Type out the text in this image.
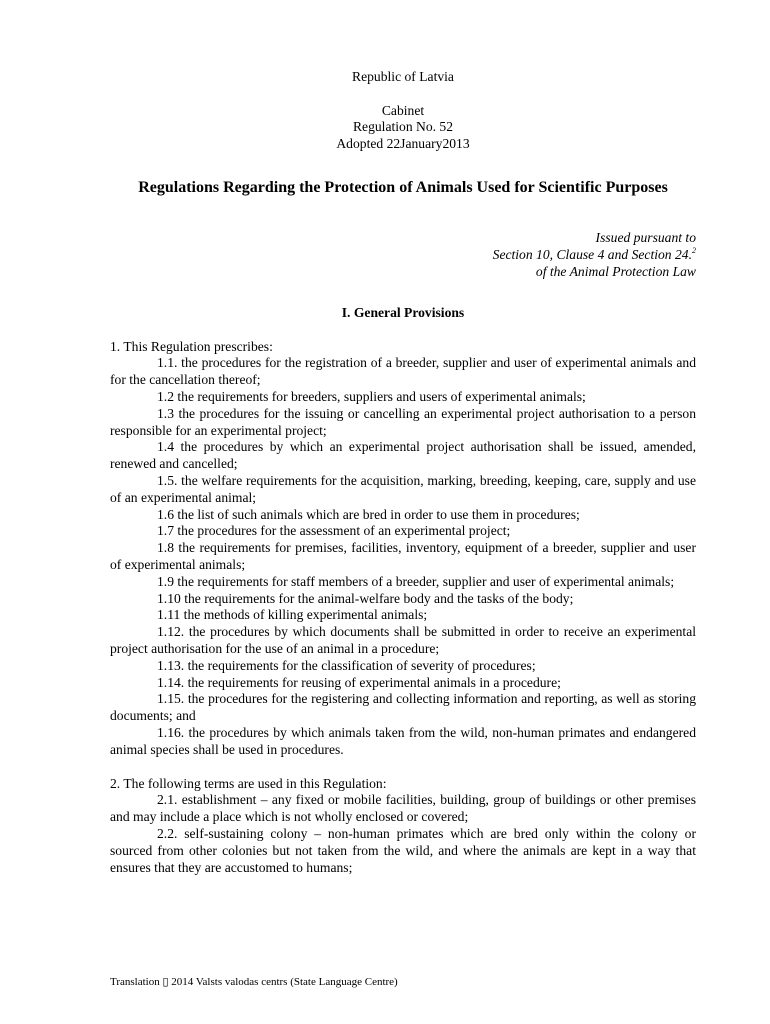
Republic of Latvia
Cabinet
Regulation No. 52
Adopted 22January2013
Regulations Regarding the Protection of Animals Used for Scientific Purposes
Issued pursuant to
Section 10, Clause 4 and Section 24.$^2$
of the Animal Protection Law
I. General Provisions
1. This Regulation prescribes:
1.1. the procedures for the registration of a breeder, supplier and user of experimental animals and for the cancellation thereof;
1.2 the requirements for breeders, suppliers and users of experimental animals;
1.3 the procedures for the issuing or cancelling an experimental project authorisation to a person responsible for an experimental project;
1.4 the procedures by which an experimental project authorisation shall be issued, amended, renewed and cancelled;
1.5. the welfare requirements for the acquisition, marking, breeding, keeping, care, supply and use of an experimental animal;
1.6 the list of such animals which are bred in order to use them in procedures;
1.7 the procedures for the assessment of an experimental project;
1.8 the requirements for premises, facilities, inventory, equipment of a breeder, supplier and user of experimental animals;
1.9 the requirements for staff members of a breeder, supplier and user of experimental animals;
1.10 the requirements for the animal-welfare body and the tasks of the body;
1.11 the methods of killing experimental animals;
1.12. the procedures by which documents shall be submitted in order to receive an experimental project authorisation for the use of an animal in a procedure;
1.13. the requirements for the classification of severity of procedures;
1.14. the requirements for reusing of experimental animals in a procedure;
1.15. the procedures for the registering and collecting information and reporting, as well as storing documents; and
1.16. the procedures by which animals taken from the wild, non-human primates and endangered animal species shall be used in procedures.
2. The following terms are used in this Regulation:
2.1. establishment – any fixed or mobile facilities, building, group of buildings or other premises and may include a place which is not wholly enclosed or covered;
2.2. self-sustaining colony – non-human primates which are bred only within the colony or sourced from other colonies but not taken from the wild, and where the animals are kept in a way that ensures that they are accustomed to humans;
Translation ▯ 2014 Valsts valodas centrs (State Language Centre)
